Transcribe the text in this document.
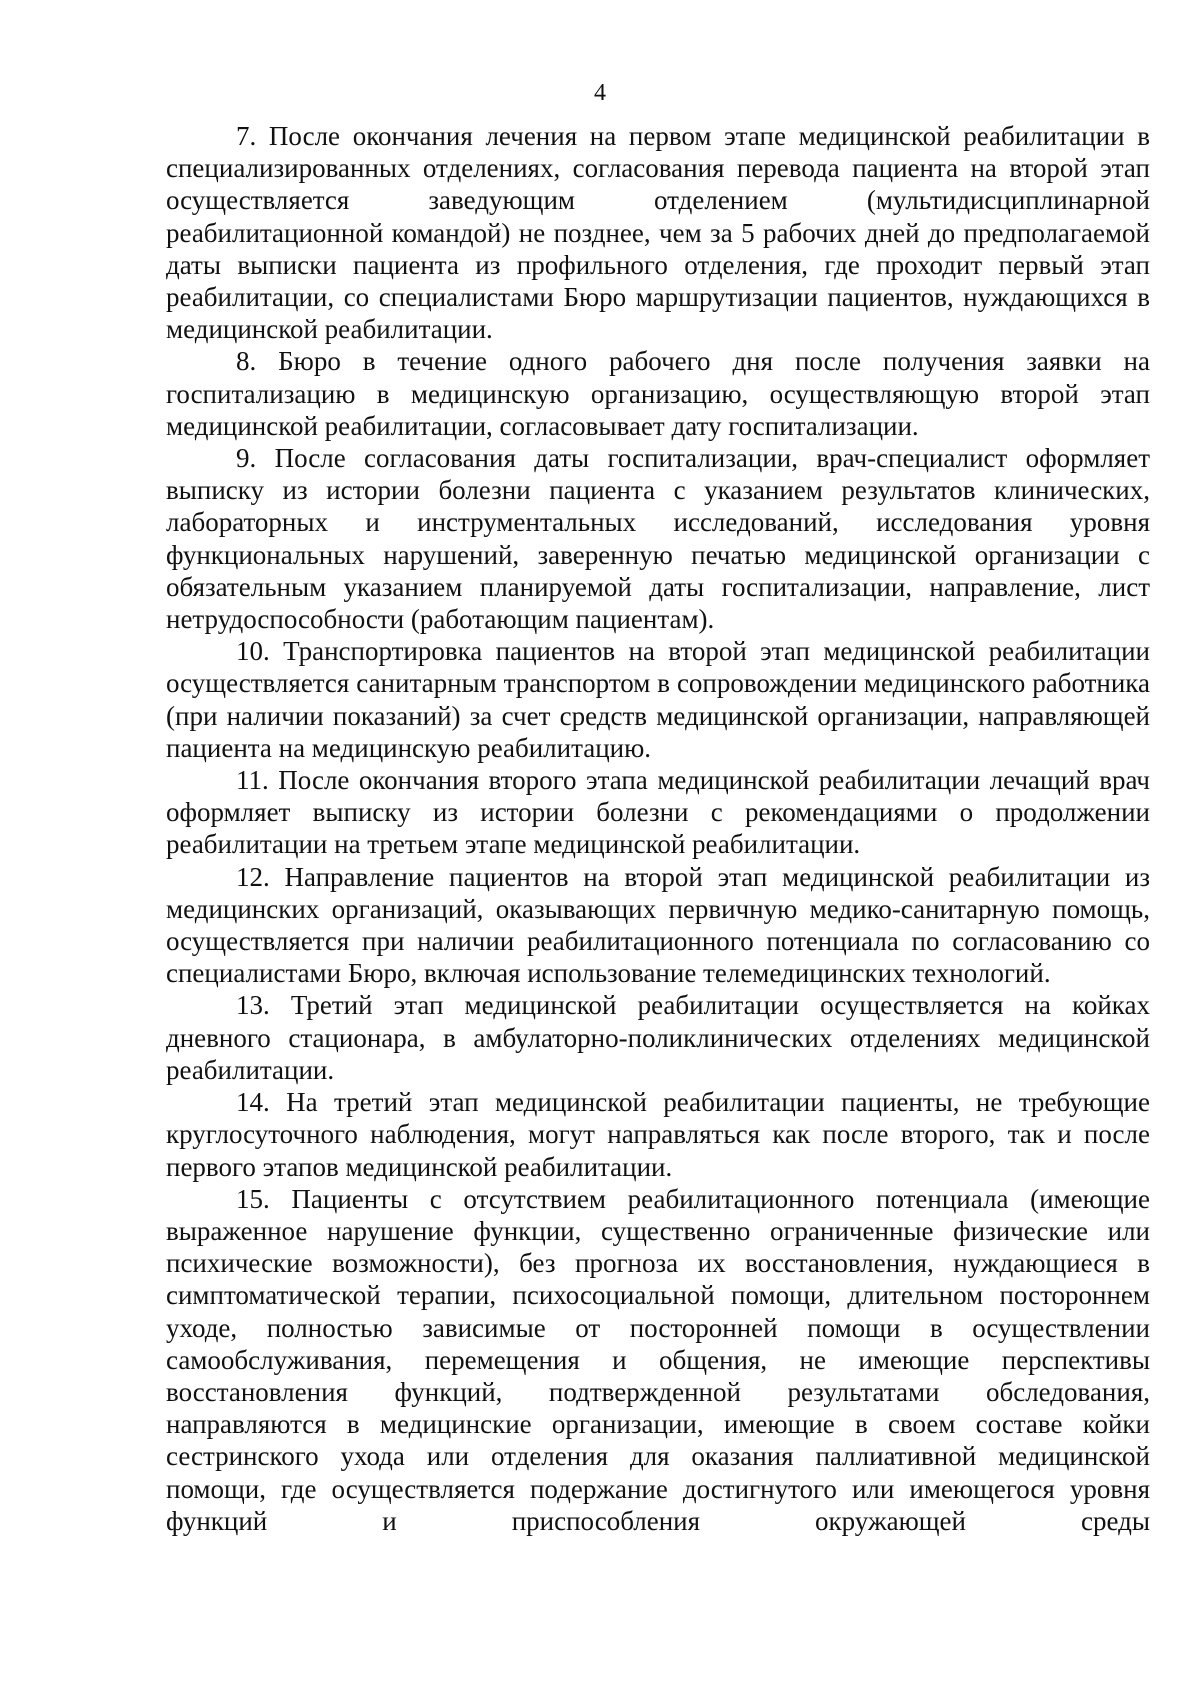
4

7. После окончания лечения на первом этапе медицинской реабилитации в специализированных отделениях, согласования перевода пациента на второй этап осуществляется заведующим отделением (мультидисциплинарной реабилитационной командой) не позднее, чем за 5 рабочих дней до предполагаемой даты выписки пациента из профильного отделения, где проходит первый этап реабилитации, со специалистами Бюро маршрутизации пациентов, нуждающихся в медицинской реабилитации.

8. Бюро в течение одного рабочего дня после получения заявки на госпитализацию в медицинскую организацию, осуществляющую второй этап медицинской реабилитации, согласовывает дату госпитализации.

9. После согласования даты госпитализации, врач-специалист оформляет выписку из истории болезни пациента с указанием результатов клинических, лабораторных и инструментальных исследований, исследования уровня функциональных нарушений, заверенную печатью медицинской организации с обязательным указанием планируемой даты госпитализации, направление, лист нетрудоспособности (работающим пациентам).

10. Транспортировка пациентов на второй этап медицинской реабилитации осуществляется санитарным транспортом в сопровождении медицинского работника (при наличии показаний) за счет средств медицинской организации, направляющей пациента на медицинскую реабилитацию.

11. После окончания второго этапа медицинской реабилитации лечащий врач оформляет выписку из истории болезни с рекомендациями о продолжении реабилитации на третьем этапе медицинской реабилитации.

12. Направление пациентов на второй этап медицинской реабилитации из медицинских организаций, оказывающих первичную медико-санитарную помощь, осуществляется при наличии реабилитационного потенциала по согласованию со специалистами Бюро, включая использование телемедицинских технологий.

13. Третий этап медицинской реабилитации осуществляется на койках дневного стационара, в амбулаторно-поликлинических отделениях медицинской реабилитации.

14. На третий этап медицинской реабилитации пациенты, не требующие круглосуточного наблюдения, могут направляться как после второго, так и после первого этапов медицинской реабилитации.

15. Пациенты с отсутствием реабилитационного потенциала (имеющие выраженное нарушение функции, существенно ограниченные физические или психические возможности), без прогноза их восстановления, нуждающиеся в симптоматической терапии, психосоциальной помощи, длительном постороннем уходе, полностью зависимые от посторонней помощи в осуществлении самообслуживания, перемещения и общения, не имеющие перспективы восстановления функций, подтвержденной результатами обследования, направляются в медицинские организации, имеющие в своем составе койки сестринского ухода или отделения для оказания паллиативной медицинской помощи, где осуществляется подержание достигнутого или имеющегося уровня функций и приспособления окружающей среды
